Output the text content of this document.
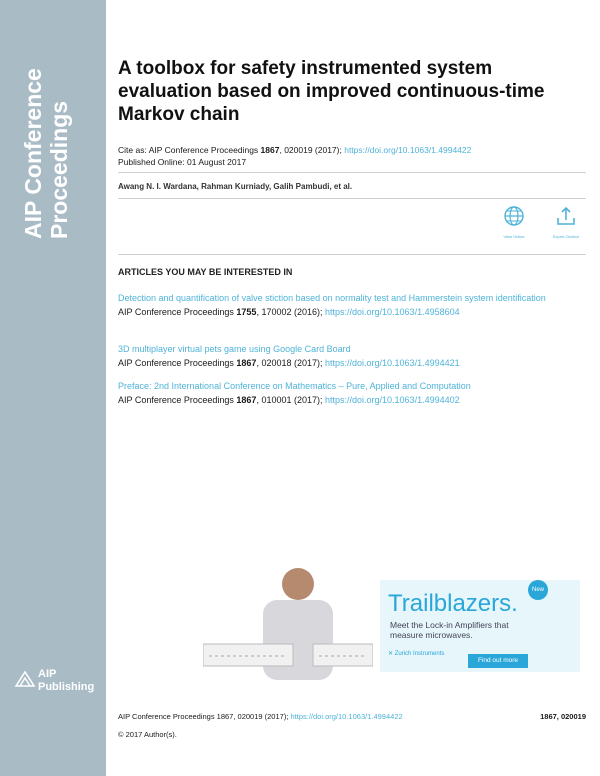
AIP Conference Proceedings
AIP
Publishing
A toolbox for safety instrumented system evaluation based on improved continuous-time Markov chain
Cite as: AIP Conference Proceedings 1867, 020019 (2017); https://doi.org/10.1063/1.4994422
Published Online: 01 August 2017
Awang N. I. Wardana, Rahman Kurniady, Galih Pambudi, et al.
View Online	Export Citation
ARTICLES YOU MAY BE INTERESTED IN
Detection and quantification of valve stiction based on normality test and Hammerstein system identification
AIP Conference Proceedings 1755, 170002 (2016); https://doi.org/10.1063/1.4958604
3D multiplayer virtual pets game using Google Card Board
AIP Conference Proceedings 1867, 020018 (2017); https://doi.org/10.1063/1.4994421
Preface: 2nd International Conference on Mathematics – Pure, Applied and Computation
AIP Conference Proceedings 1867, 010001 (2017); https://doi.org/10.1063/1.4994402
Trailblazers.	New
Meet the Lock-in Amplifiers that
measure microwaves.
✕ Zurich Instruments
Find out more
AIP Conference Proceedings 1867, 020019 (2017); https://doi.org/10.1063/1.4994422	1867, 020019
© 2017 Author(s).
